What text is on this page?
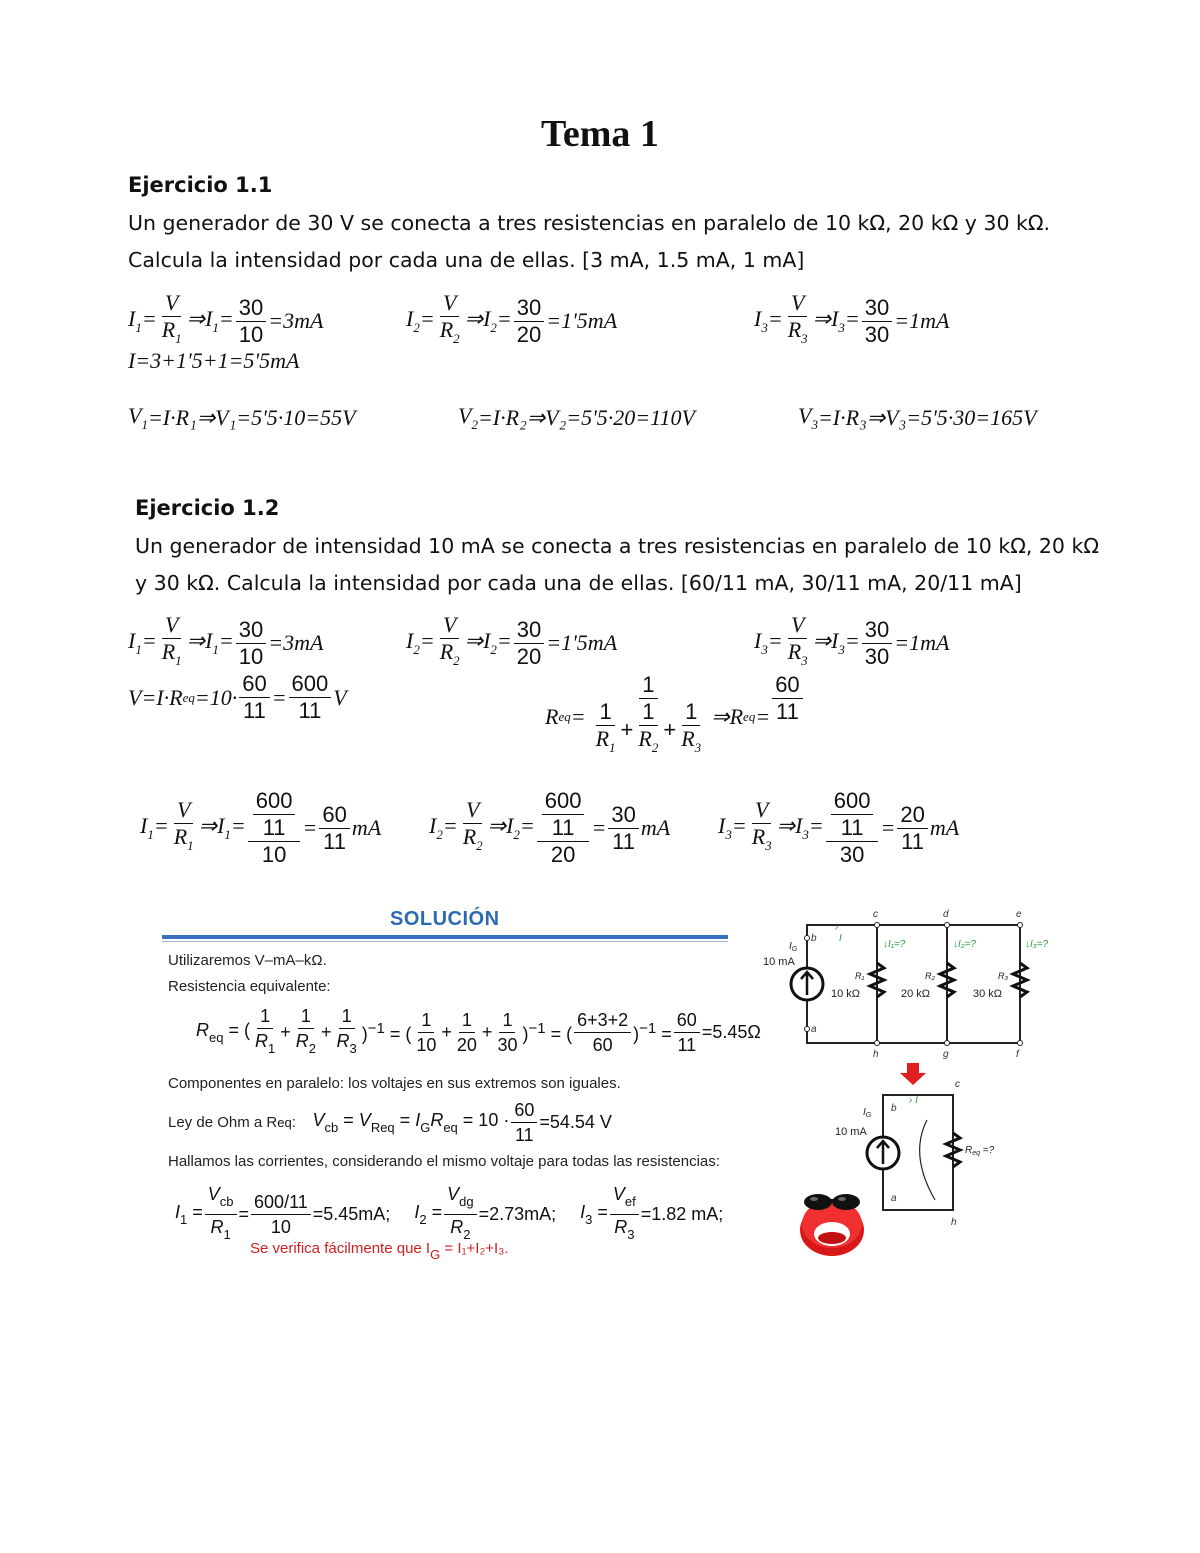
Tema 1
Ejercicio 1.1
Un generador de 30 V se conecta a tres resistencias en paralelo de 10 kΩ, 20 kΩ y 30 kΩ.
Calcula la intensidad por cada una de ellas. [3 mA, 1.5 mA, 1 mA]
$I_1= \frac{V}{R_1}$ $\Rightarrow I_1= \frac{30}{10} =3mA$	$I_2= \frac{V}{R_2}$ $\Rightarrow I_2= \frac{30}{20} =1'5mA$	$I_3= \frac{V}{R_3}$ $\Rightarrow I_3= \frac{30}{30} =1mA$
I=3+1'5+1=5'5mA
$V_1$ =I·R₁⇒V₁=5'5·10=55V	$V_2$ =I·R₂⇒V₂=5'5·20=110V	$V_3$ =I·R₃⇒V₃=5'5·30=165V
Ejercicio 1.2
Un generador de intensidad 10 mA se conecta a tres resistencias en paralelo de 10 kΩ, 20 kΩ
y 30 kΩ. Calcula la intensidad por cada una de ellas. [60/11 mA, 30/11 mA, 20/11 mA]
$I_1= \frac{V}{R_1}$ $\Rightarrow I_1= \frac{30}{10} =3mA$	$I_2= \frac{V}{R_2}$ $\Rightarrow I_2= \frac{30}{20} =1'5mA$	$I_3= \frac{V}{R_3}$ $\Rightarrow I_3= \frac{30}{30} =1mA$
V=I·R eq $=10\cdot \frac{60}{11} = \frac{600}{11}$ V
R eq = $\frac{1}{\frac{1}{R_1} + \frac{1}{R_2} + \frac{1}{R_3}}$ ⇒R eq = $\frac{60}{11}$
$I_1= \frac{V}{R_1}$ $\Rightarrow I_1= \frac{\frac{600}{11}}{10} = \frac{60}{11}$ mA $I_2= \frac{V}{R_2}$ $\Rightarrow I_2= \frac{\frac{600}{11}}{20} = \frac{30}{11}$ mA $I_3= \frac{V}{R_3}$ $\Rightarrow I_3= \frac{\frac{600}{11}}{30} = \frac{20}{11}$ mA
SOLUCIÓN
Utilizaremos V–mA–kΩ.
Resistencia equivalente:
$R_{eq}$ = ( $\frac{1}{R_1} + \frac{1}{R_2} + \frac{1}{R_3} )^{-1}$ = ( $\frac{1}{10} + \frac{1}{20} + \frac{1}{30} )^{-1}$ = ( $\frac{6+3+2}{60} )^{-1} = \frac{60}{11} = 5.45\Omega$
Componentes en paralelo: los voltajes en sus extremos son iguales.
Ley de Ohm a R eq : $V_{cb} = V_{Req} = I_GR_{eq} = 10 \cdot \frac{60}{11} =54.54$ V
Hallamos las corrientes, considerando el mismo voltaje para todas las resistencias:
$I_1 = \frac{V_{cb}}{R_1} = \frac{600/11}{10} = 5.45mA$; $I_2 = \frac{V_{dg}}{R_2} =2.73mA$; $I_3 = \frac{V_{ef}}{R_3} =1.82$ mA;
Se verifica fácilmente que $I_G = I_1+I_2+I_3$.
c	d	e
b
a
h	g	f
10 mA
$I_G$
10 kΩ	20 kΩ	30 kΩ
R₁	R₂	R₃
↓I₁=?	↓I₂=?	↓I₃=?
›
I
c
b
a
h
10 mA
$I_G$
› I
$R_{eq}$ =?
